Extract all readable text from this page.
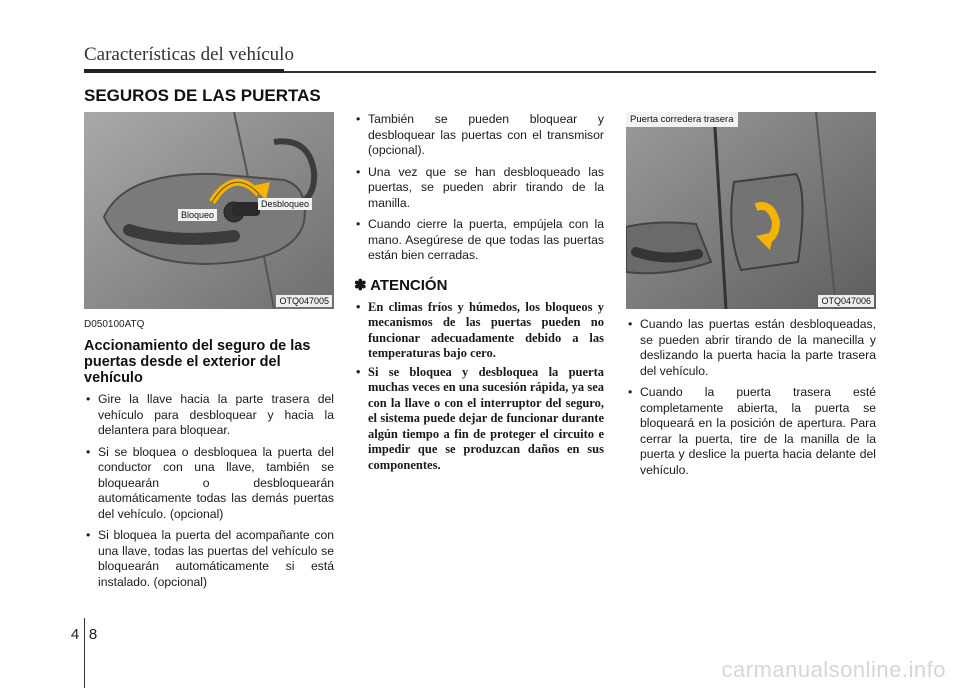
Características del vehículo
SEGUROS DE LAS PUERTAS
Bloqueo
Desbloqueo
OTQ047005
D050100ATQ
Accionamiento del seguro de las puertas desde el exterior del vehículo
• Gire la llave hacia la parte trasera del vehículo para desbloquear y hacia la delantera para bloquear.
• Si se bloquea o desbloquea la puerta del conductor con una llave, también se bloquearán o desbloquearán automáticamente todas las demás puertas del vehículo. (opcional)
• Si bloquea la puerta del acompañante con una llave, todas las puertas del vehículo se bloquearán automáticamente si está instalado. (opcional)
• También se pueden bloquear y desbloquear las puertas con el transmisor (opcional).
• Una vez que se han desbloqueado las puertas, se pueden abrir tirando de la manilla.
• Cuando cierre la puerta, empújela con la mano. Asegúrese de que todas las puertas están bien cerradas.
✽ ATENCIÓN
• En climas fríos y húmedos, los bloqueos y mecanismos de las puertas pueden no funcionar adecuadamente debido a las temperaturas bajo cero.
• Si se bloquea y desbloquea la puerta muchas veces en una sucesión rápida, ya sea con la llave o con el interruptor del seguro, el sistema puede dejar de funcionar durante algún tiempo a fin de proteger el circuito e impedir que se produzcan daños en sus componentes.
Puerta corredera trasera
OTQ047006
• Cuando las puertas están desbloqueadas, se pueden abrir tirando de la manecilla y deslizando la puerta hacia la parte trasera del vehículo.
• Cuando la puerta trasera esté completamente abierta, la puerta se bloqueará en la posición de apertura. Para cerrar la puerta, tire de la manilla de la puerta y deslice la puerta hacia delante del vehículo.
4 8
carmanualsonline.info
